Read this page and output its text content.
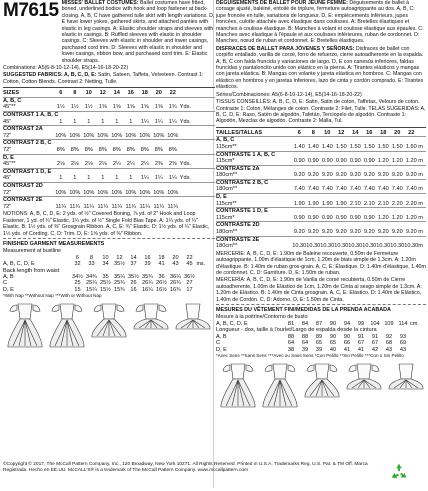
M7615 MISSES' BALLET COSTUMES: Ballet costumes have fitted, boned, underlined bodice with hook and loop fastener at back-closing. A, B, C have gathered tulle skirt with length variations. D, E have lower yokes, gathered skirts, and attached panties with elastic in leg casings. A: Elastic shoulder straps and sleeves with elastic in casings. B: Ruffled sleeves with elastic in shoulder casings. C: Sleeves with elastic in shoulder and lower casings, purchased cord trim. D: Sleeves with elastic in shoulder and lower casings, ribbon bow, and purchased cord trim. E: Elastic shoulder straps.
Combinations: A5(6-8-10-12-14), E5(14-16-18-20-22)
SUGGESTED FABRICS: A, B, C, D, E: Satin, Sateen, Taffeta, Velveteen. Contrast 1: Cotton, Cotton Blends. Contrast 2: Netting, Tulle.
SIZES	6	8	10	12	14	16	18	20	22	
A, B, C										
45"**	1½	1½	1½	1⅝	1⅝	1⅝	1⅝	1⅝	1¾	Yds.
CONTRAST 1 A, B, C										
45"	1	1	1	1	1	1	1¼	1¼	1¼	Yds.
CONTRAST 2A										
72"	10%	10%	10%	10%	10%	10%	10%	10%	10%	
CONTRAST 2 B, C										
72"	8%	8%	8%	8%	8%	8%	8%	8%	8%	
D, E										
45"**	2⅛	2⅛	2⅛	2⅛	2¼	2¼	2¼	2⅜	2⅜	Yds.
CONTRAST 1 D, E										
45"	1	1	1	1	1	1	1¼	1¼	1¼	Yds.
CONTRAST 2D										
72"	10%	10%	10%	10%	10%	10%	10%	10%	10%	
CONTRAST 2E										
72"	11¼	11¼	11¼	11¼	11¼	11¼	11¼	11¼	11¼	
NOTIONS: A, B, C, D, E: 2 yds. of ½" Covered Boning, ⅞ yd. of 2" Hook and Loop Fastener, 1 yd. of ¼" Elastic, 1¼ yds. of ½" Single Fold Bias Tape. A: 1¼ yds. of ¼" Elastic. B: 1½ yds. of ⅜" Grosgrain Ribbon. A, C, E: ¾" Elastic. D: 1½ yds. of ¼" Elastic, 1½ yds. of Cording. C, D: Trim. D, E: 1⅝ yds. of ⅜" Ribbon.
FINISHED GARMENT MEASUREMENTS
Measurement at bustline
	6	8	10	12	14	16	18	20	22	
A, B, C, D, E	32	33	34	35½	37	39	41	43	45	ins.
Back length from waist										
A, B	34½	34¾	35	35¼	35½	35¾	36	36¼	36½	
C	25	25¼	25½	25¾	26	26¼	26½	26¾	27	
D, E	15	15¼	15½	15¾	16	16¼	16½	16¾	17	
*With Nap **Without Nap ***With or Without Nap
DÉGUISEMENTS DE BALLET POUR JEUNE FEMME: Déguisements de ballet à corsage ajusté, baleiné, entoilé de triplure, fermeture autoagrippante au dos. A, B, C: jupe froncée en tulle, variations de longueur. D, E: empiècements inférieurs, jupes froncées, culotte attachée avec élastique dans coulisses. A: Bretelles élastiques et manches à coulisse élastique. B: Manches à volant et coulisse élastique aux épaules. C: Manches avec élastique à l'épaule et aux coulisses inférieures, ruban de cordonnet. D: Manches, nœud de ruban et cordonnet. E: Bretelles élastiques.
DISFRACES DE BALLET PARA JÓVENES Y SEÑORAS: Disfraces de ballet con corpiño entallado, varilla de corsé, forro de refuerzo, cierre autoadherente en la espalda. A, B, C con falda fruncida y variaciones de largo. D, E con canesús inferiores, faldas fruncidas y pantaloncito unido con elástico en la pierna. A: Tirantes elásticos y mangas con jareta elástica. B: Mangas con volante y jareta elástica en hombros. C: Mangas con elástico en hombros y en jaretas inferiores, lazo de cinta y cordón comprado. E: Tirantes elásticos.
Séries/Combinaciones: A5(6-8-10-12-14), E5(14-16-18-20-22)
TISSUS CONSEILLÉS: A, B, C, D, E: Satin, Satin de coton, Taffetas, Velours de coton. Contraste 1: Coton, Mélanges de coton. Contraste 2: Filet, Tulle. TELAS SUGERIDAS: A, B, C, D, E: Raso, Satén de algodón, Tafetán, Terciopelo de algodón. Contraste 1: Algodón, Mezclas de algodón. Contraste 2: Malla, Tul.
TAILLES/TALLAS	6	8	10	12	14	16	18	20	22	
A, B, C										
115cm**	1.40	1.40	1.40	1.50	1.50	1.50	1.50	1.50	1.60	m
CONTRASTE 1 A, B, C										
115cm*	0.90	0.90	0.90	0.90	0.90	0.90	1.20	1.20	1.20	m
CONTRASTE 2A										
180cm**	9.20	9.20	9.20	9.20	9.20	9.20	9.20	9.20	9.20	m
CONTRASTE 2 B, C										
180cm**	7.40	7.40	7.40	7.40	7.40	7.40	7.40	7.40	7.40	m
D, E										
115cm**	1.90	1.90	1.90	1.90	2.10	2.10	2.10	2.20	2.20	m
CONTRASTE 1 D, E										
115cm*	0.90	0.90	0.90	0.90	0.90	0.90	1.20	1.20	1.20	m
CONTRASTE 2D										
180cm**	9.20	9.20	9.20	9.20	9.20	9.20	9.20	9.20	9.20	m
CONTRASTE 2E										
180cm**	10.30	10.30	10.30	10.30	10.30	10.30	10.30	10.30	10.30	m
MERCERIE: A, B, C, D, E: 1.90m de Baleine recouverte, 0.50m de Fermeture autoagrippante, 1.00m d'élastique de 1cm, 1.20m de biais simple de 1.3cm. A: 1.20m d'élastique. B: 1.40m de ruban gros-grain. A, C, E: Élastique. D: 1.40m d'élastique, 1.40m de cordonnet. C, D: Garniture. D, E: 1.50m de ruban.
MERCERÍA: A, B, C, D, E: 1.90m de Varilla de corsé recubierta, 0.50m de Cierre autoadherente, 1.00m de Elástico de 1cm, 1.20m de Cinta al sesgo simple de 1.3cm. A: 1.20m de Elástico. B: 1.40m de Cinta grosgrain. A, C, E: Elástico. D: 1.40m de Elástico, 1.40m de Cordón. C, D: Adorno. D, E: 1.50m de Cinta.
MESURES DU VÊTEMENT FINI/MEDIDAS DE LA PRENDA ACABADA
Mesure à la poitrine/Contorno de busto
A, B, C, D, E	81	84	87	90	94	99	104	109	114	cm
Longueur - dos, taille à l'ourlet/Largo de espalda desde la cintura										
A, B	88	88	89	90	90	91	91	92	93	
C	64	64	65	65	66	67	67	68	69	
D, E	38	39	39	40	41	41	42	43	43	
*Avec Sens **Sans Sens ***Avec ou Sans Sens *Con Pelillo **Sin Pelillo ***Con o Sin Pelillo
©Copyright © 2017, The McCall Pattern Company, Inc., 120 Broadway, New York 10271. All Rights Reserved. Printed in U.S.A. Trademarks Reg. U.S. Pat. & TM Off. Marca Registrada. Hecho en EE.UU. McCALL'S® is a trademark of The McCall Pattern Company. www.mccallpattern.com
